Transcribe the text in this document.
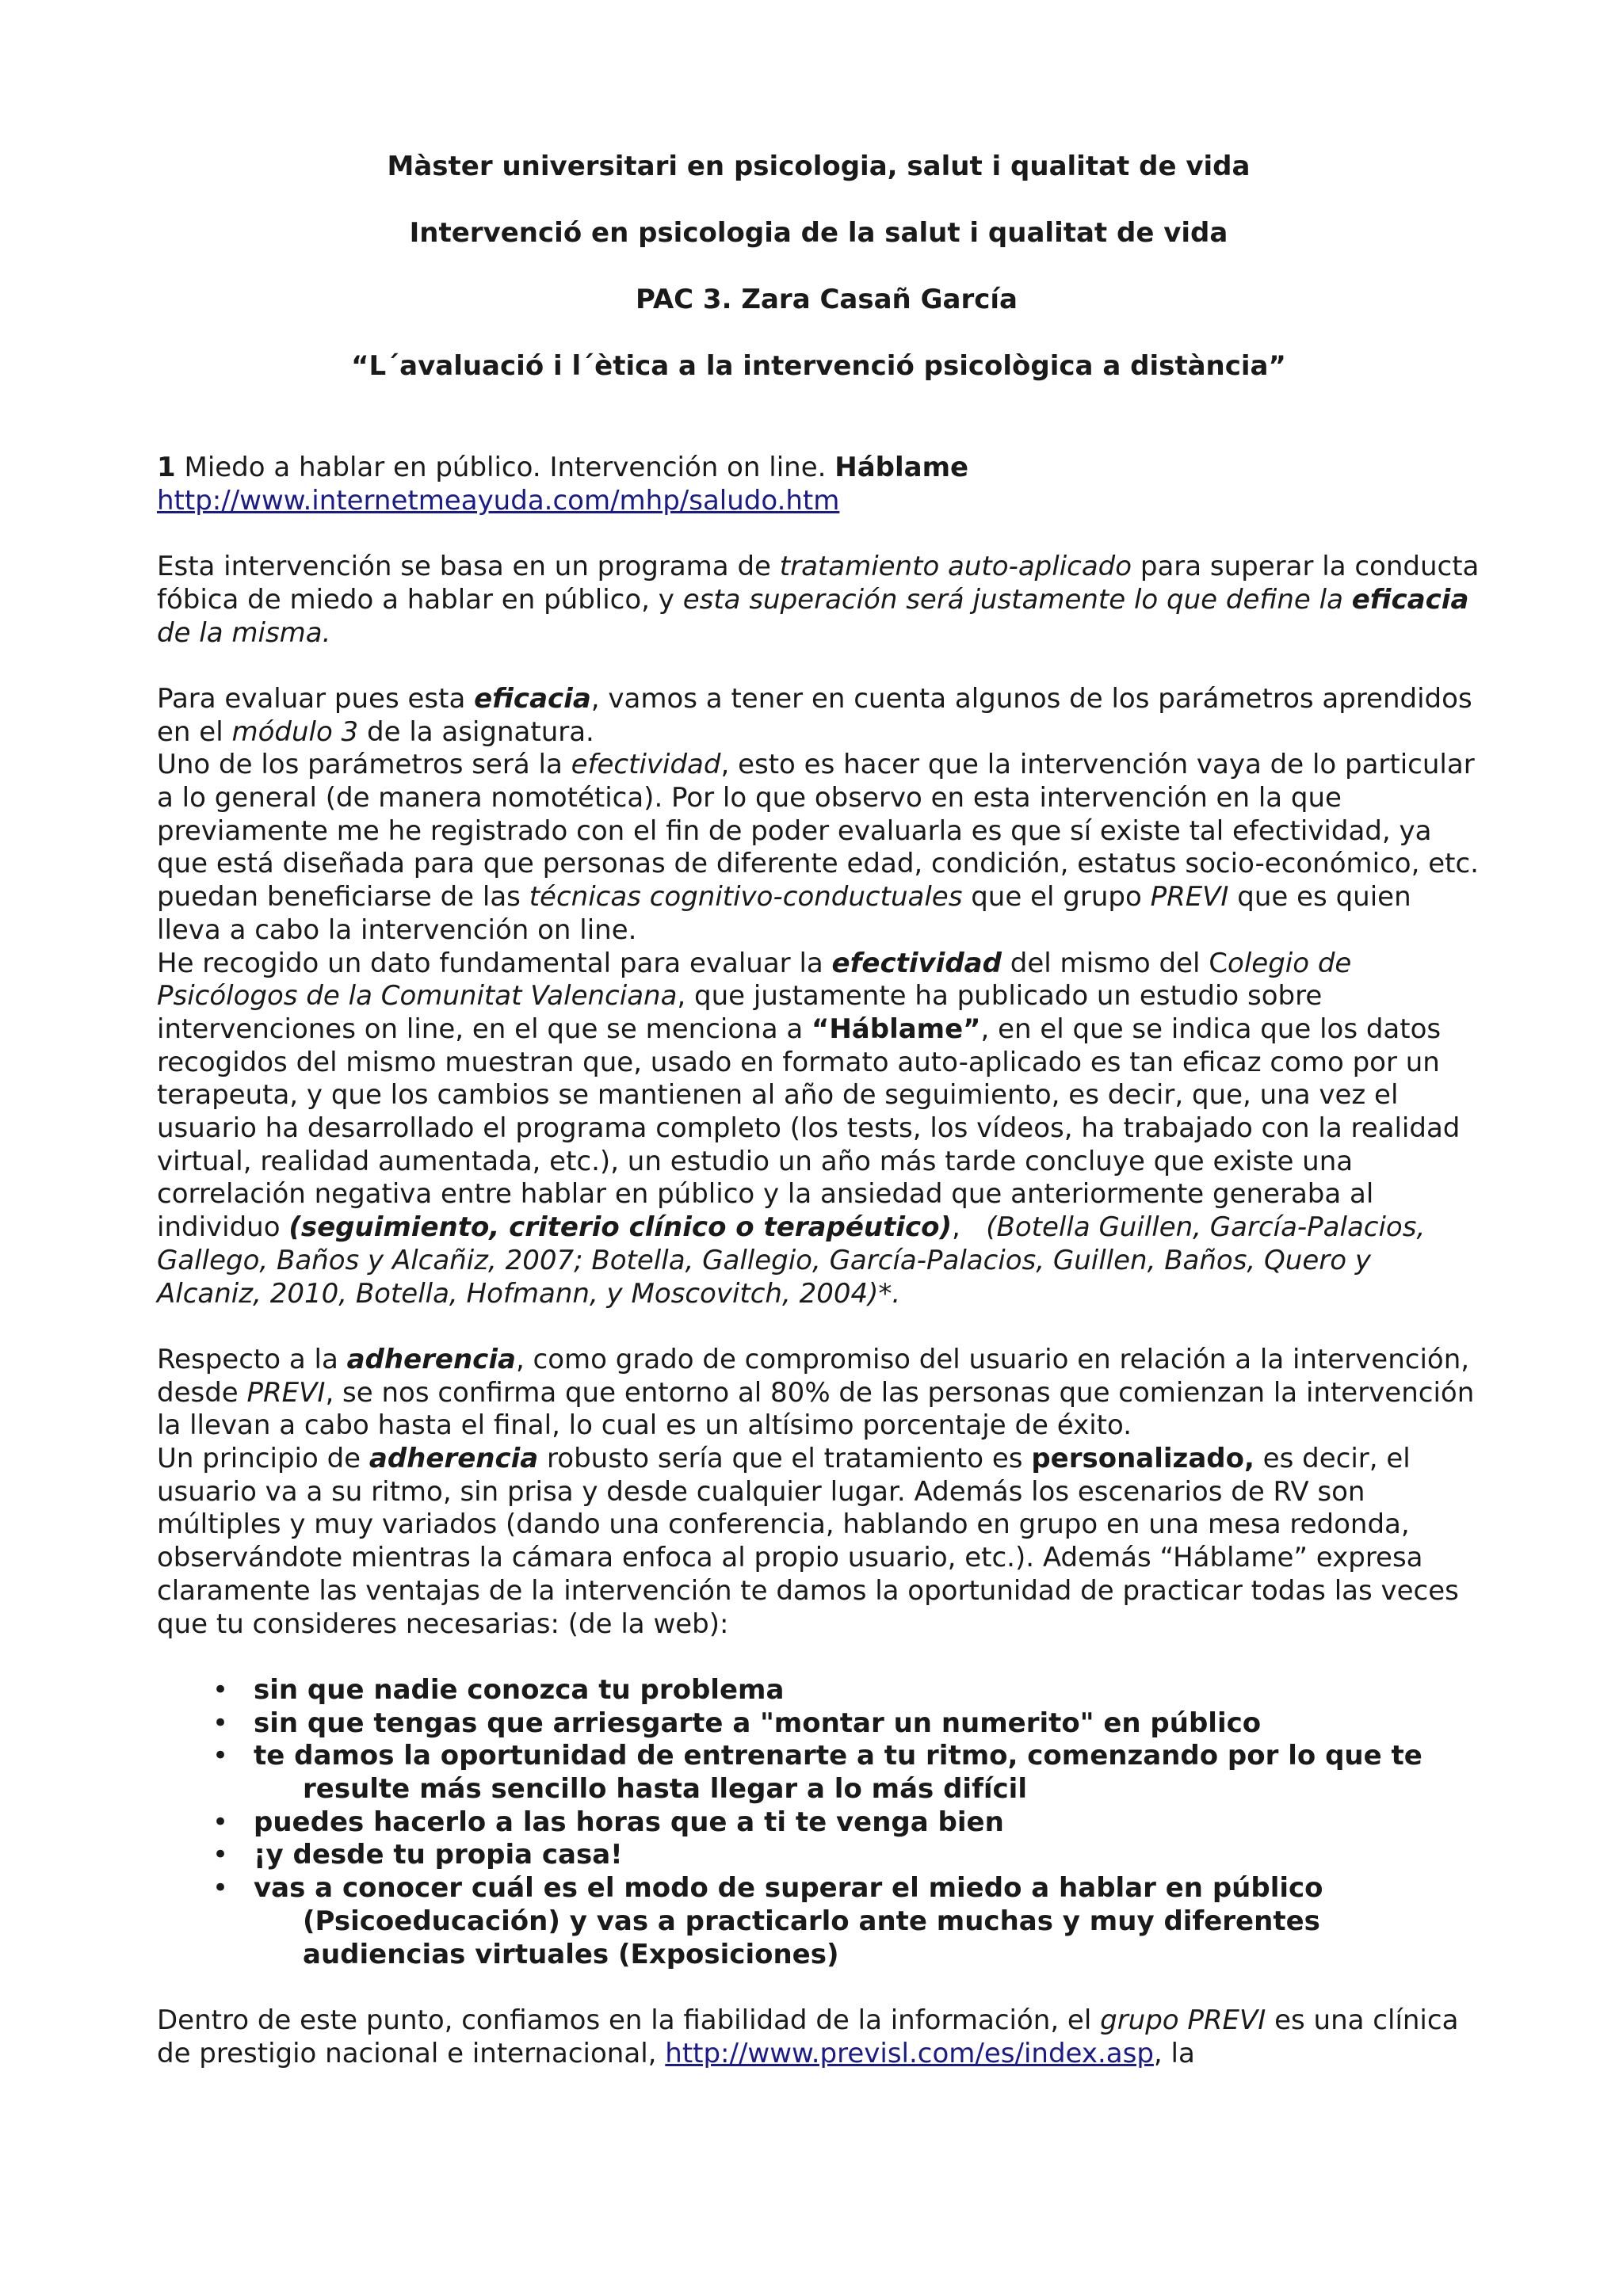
Màster universitari en psicologia, salut i qualitat de vida

Intervenció en psicologia de la salut i qualitat de vida

PAC 3. Zara Casañ García

“L´avaluació i l´ètica a la intervenció psicològica a distància”

1 Miedo a hablar en público. Intervención on line. Háblame
http://www.internetmeayuda.com/mhp/saludo.htm

Esta intervención se basa en un programa de tratamiento auto-aplicado para superar la conducta fóbica de miedo a hablar en público, y esta superación será justamente lo que define la eficacia de la misma.

Para evaluar pues esta eficacia, vamos a tener en cuenta algunos de los parámetros aprendidos en el módulo 3 de la asignatura.

Uno de los parámetros será la efectividad, esto es hacer que la intervención vaya de lo particular a lo general (de manera nomotética). Por lo que observo en esta intervención en la que previamente me he registrado con el fin de poder evaluarla es que sí existe tal efectividad, ya que está diseñada para que personas de diferente edad, condición, estatus socio-económico, etc. puedan beneficiarse de las técnicas cognitivo-conductuales que el grupo PREVI que es quien lleva a cabo la intervención on line.

He recogido un dato fundamental para evaluar la efectividad del mismo del Colegio de Psicólogos de la Comunitat Valenciana, que justamente ha publicado un estudio sobre intervenciones on line, en el que se menciona a “Háblame”, en el que se indica que los datos recogidos del mismo muestran que, usado en formato auto-aplicado es tan eficaz como por un terapeuta, y que los cambios se mantienen al año de seguimiento, es decir, que, una vez el usuario ha desarrollado el programa completo (los tests, los vídeos, ha trabajado con la realidad virtual, realidad aumentada, etc.), un estudio un año más tarde concluye que existe una correlación negativa entre hablar en público y la ansiedad que anteriormente generaba al individuo (seguimiento, criterio clínico o terapéutico),   (Botella Guillen, García-Palacios, Gallego, Baños y Alcañiz, 2007; Botella, Gallegio, García-Palacios, Guillen, Baños, Quero y Alcaniz, 2010, Botella, Hofmann, y Moscovitch, 2004)*.

Respecto a la adherencia, como grado de compromiso del usuario en relación a la intervención, desde PREVI, se nos confirma que entorno al 80% de las personas que comienzan la intervención la llevan a cabo hasta el final, lo cual es un altísimo porcentaje de éxito.

Un principio de adherencia robusto sería que el tratamiento es personalizado, es decir, el usuario va a su ritmo, sin prisa y desde cualquier lugar. Además los escenarios de RV son múltiples y muy variados (dando una conferencia, hablando en grupo en una mesa redonda, observándote mientras la cámara enfoca al propio usuario, etc.). Además “Háblame” expresa claramente las ventajas de la intervención te damos la oportunidad de practicar todas las veces que tu consideres necesarias: (de la web):

• sin que nadie conozca tu problema
• sin que tengas que arriesgarte a "montar un numerito" en público
• te damos la oportunidad de entrenarte a tu ritmo, comenzando por lo que te
resulte más sencillo hasta llegar a lo más difícil
• puedes hacerlo a las horas que a ti te venga bien
• ¡y desde tu propia casa!
• vas a conocer cuál es el modo de superar el miedo a hablar en público
(Psicoeducación) y vas a practicarlo ante muchas y muy diferentes audiencias virtuales (Exposiciones)

Dentro de este punto, confiamos en la fiabilidad de la información, el grupo PREVI es una clínica de prestigio nacional e internacional, http://www.previsl.com/es/index.asp, la
